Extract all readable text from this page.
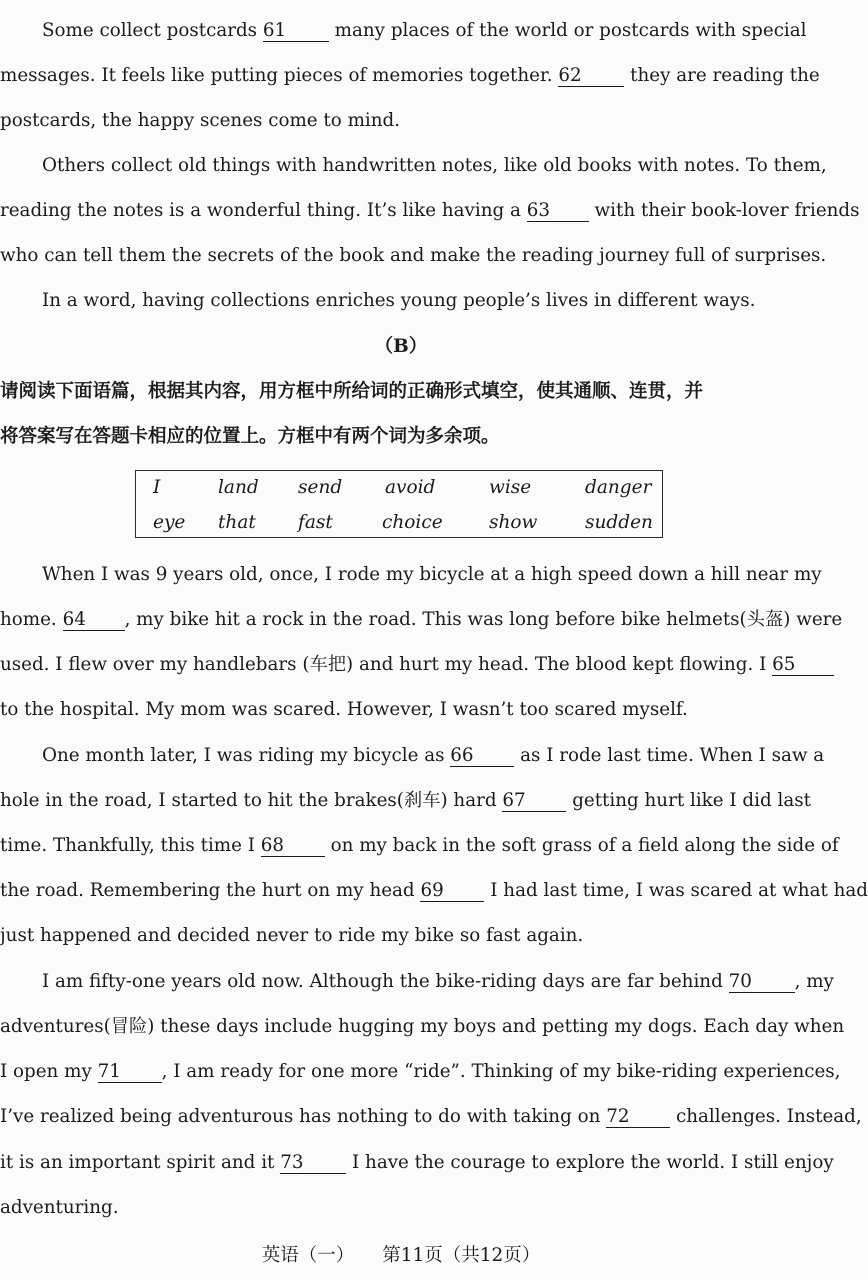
Some collect postcards 61	many places of the world or postcards with special
messages. It feels like putting pieces of memories together. 62	they are reading the
postcards, the happy scenes come to mind.
Others collect old things with handwritten notes, like old books with notes. To them,
reading the notes is a wonderful thing. It’s like having a 63 with their book-lover friends
who can tell them the secrets of the book and make the reading journey full of surprises.
In a word, having collections enriches young people’s lives in different ways.
（B）
请阅读下面语篇，根据其内容，用方框中所给词的正确形式填空，使其通顺、连贯，并
将答案写在答题卡相应的位置上。方框中有两个词为多余项。
I	land send avoid	wise	danger
eye that fast	choice	show	sudden
When I was 9 years old, once, I rode my bicycle at a high speed down a hill near my
home. 64 , my bike hit a rock in the road. This was long before bike helmets(头盔) were
used. I flew over my handlebars (车把) and hurt my head. The blood kept flowing. I 65
to the hospital. My mom was scared. However, I wasn’t too scared myself.
One month later, I was riding my bicycle as 66	as I rode last time. When I saw a
hole in the road, I started to hit the brakes(刹车) hard 67	getting hurt like I did last
time. Thankfully, this time I 68	on my back in the soft grass of a field along the side of
the road. Remembering the hurt on my head 69	I had last time, I was scared at what had
just happened and decided never to ride my bike so fast again.
I am fifty-one years old now. Although the bike-riding days are far behind 70 , my
adventures(冒险) these days include hugging my boys and petting my dogs. Each day when
I open my 71 , I am ready for one more “ride”. Thinking of my bike-riding experiences,
I’ve realized being adventurous has nothing to do with taking on 72	challenges. Instead,
it is an important spirit and it 73	I have the courage to explore the world. I still enjoy
adventuring.
英语（一） 第11页（共12页）
